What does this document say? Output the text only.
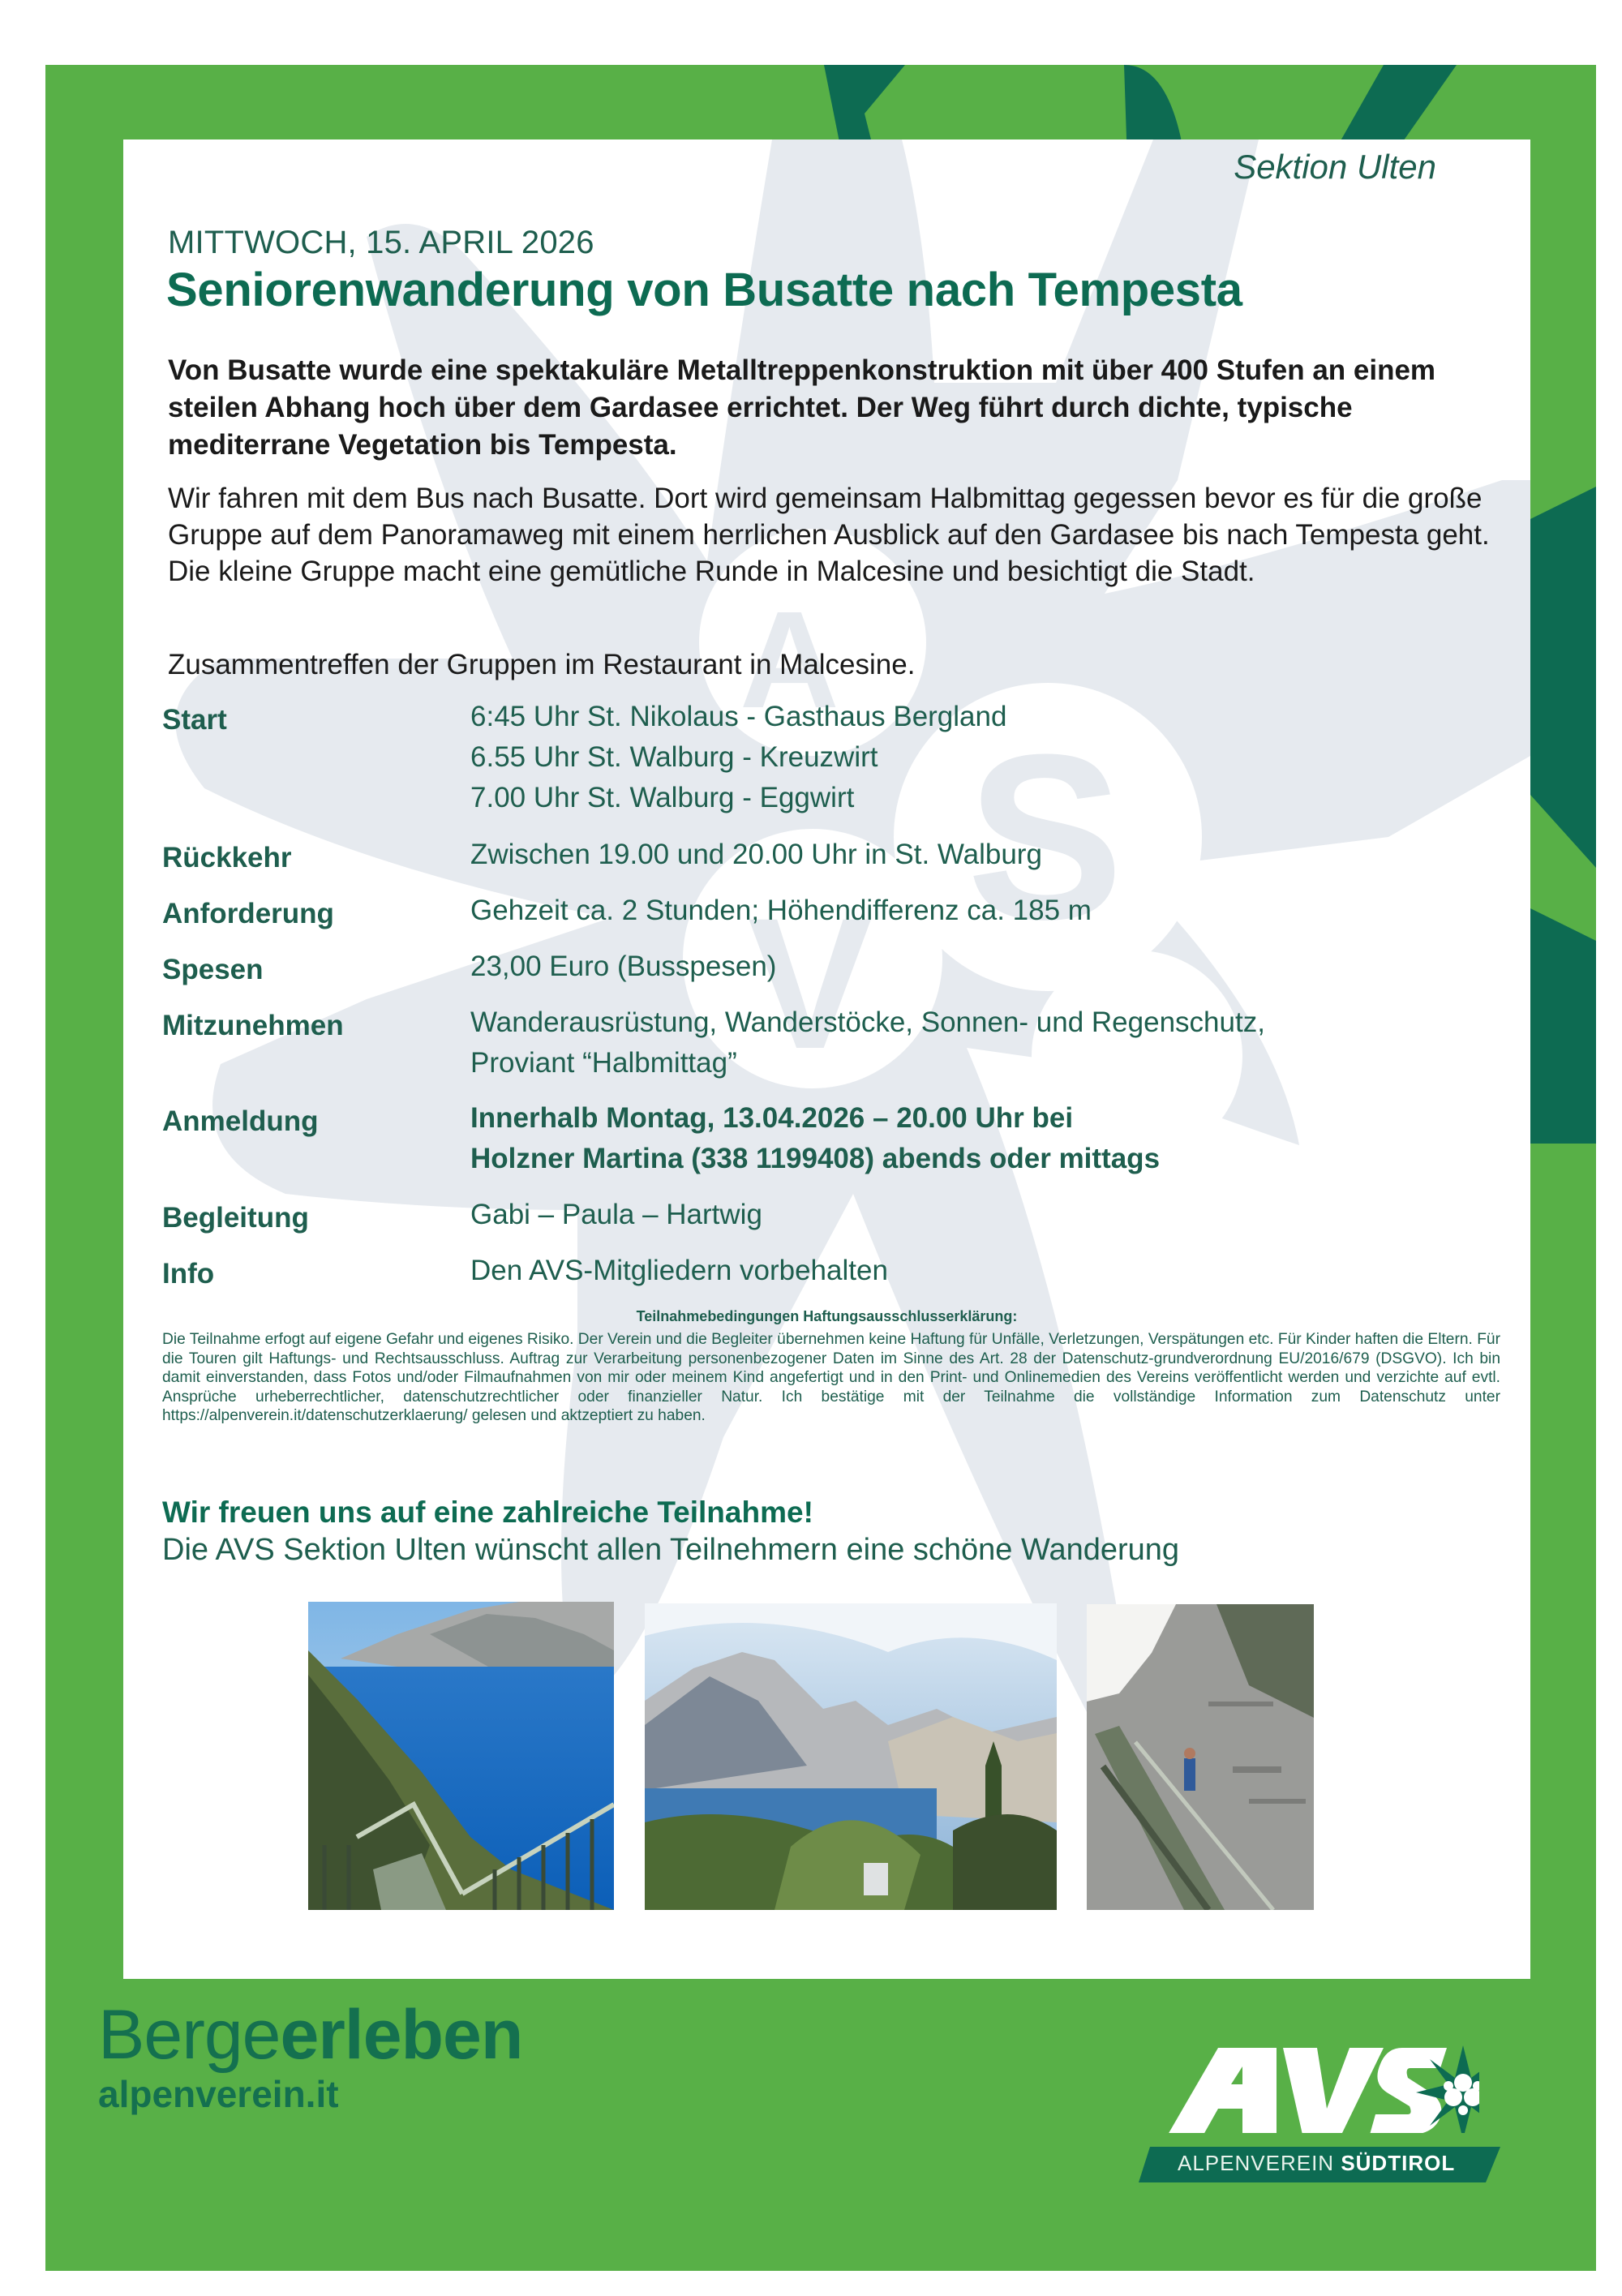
A
V
S
Sektion Ulten
MITTWOCH, 15. APRIL 2026
Seniorenwanderung von Busatte nach Tempesta
Von Busatte wurde eine spektakuläre Metalltreppenkonstruktion mit über 400 Stufen an einem steilen Abhang hoch über dem Gardasee errichtet. Der Weg führt durch dichte, typische mediterrane Vegetation bis Tempesta.
Wir fahren mit dem Bus nach Busatte. Dort wird gemeinsam Halbmittag gegessen bevor es für die große Gruppe auf dem Panoramaweg mit einem herrlichen Ausblick auf den Gardasee bis nach Tempesta geht.
Die kleine Gruppe macht eine gemütliche Runde in Malcesine und besichtigt die Stadt.
Zusammentreffen der Gruppen im Restaurant in Malcesine.
Start	6:45 Uhr St. Nikolaus - Gasthaus Bergland
6.55 Uhr St. Walburg - Kreuzwirt
7.00 Uhr St. Walburg - Eggwirt
Rückkehr	Zwischen 19.00 und 20.00 Uhr in St. Walburg
Anforderung	Gehzeit ca. 2 Stunden; Höhendifferenz ca. 185 m
Spesen	23,00 Euro (Busspesen)
Mitzunehmen	Wanderausrüstung, Wanderstöcke, Sonnen- und Regenschutz,
Proviant “Halbmittag”
Anmeldung	Innerhalb Montag, 13.04.2026 – 20.00 Uhr bei
Holzner Martina (338 1199408) abends oder mittags
Begleitung	Gabi – Paula – Hartwig
Info	Den AVS-Mitgliedern vorbehalten
Teilnahmebedingungen Haftungsausschlusserklärung:
Die Teilnahme erfogt auf eigene Gefahr und eigenes Risiko. Der Verein und die Begleiter übernehmen keine Haftung für Unfälle, Verletzungen, Verspätungen etc. Für Kinder haften die Eltern. Für die Touren gilt Haftungs- und Rechtsausschluss. Auftrag zur Verarbeitung personenbezogener Daten im Sinne des Art. 28 der Datenschutz-grundverordnung EU/2016/679 (DSGVO). Ich bin damit einverstanden, dass Fotos und/oder Filmaufnahmen von mir oder meinem Kind angefertigt und in den Print- und Onlinemedien des Vereins veröffentlicht werden und verzichte auf evtl. Ansprüche urheberrechtlicher, datenschutzrechtlicher oder finanzieller Natur. Ich bestätige mit der Teilnahme die vollständige Information zum Datenschutz unter https://alpenverein.it/datenschutzerklaerung/ gelesen und aktzeptiert zu haben.
Wir freuen uns auf eine zahlreiche Teilnahme!
Die AVS Sektion Ulten wünscht allen Teilnehmern eine schöne Wanderung
Bergeerleben
alpenverein.it
ALPENVEREIN SÜDTIROL
